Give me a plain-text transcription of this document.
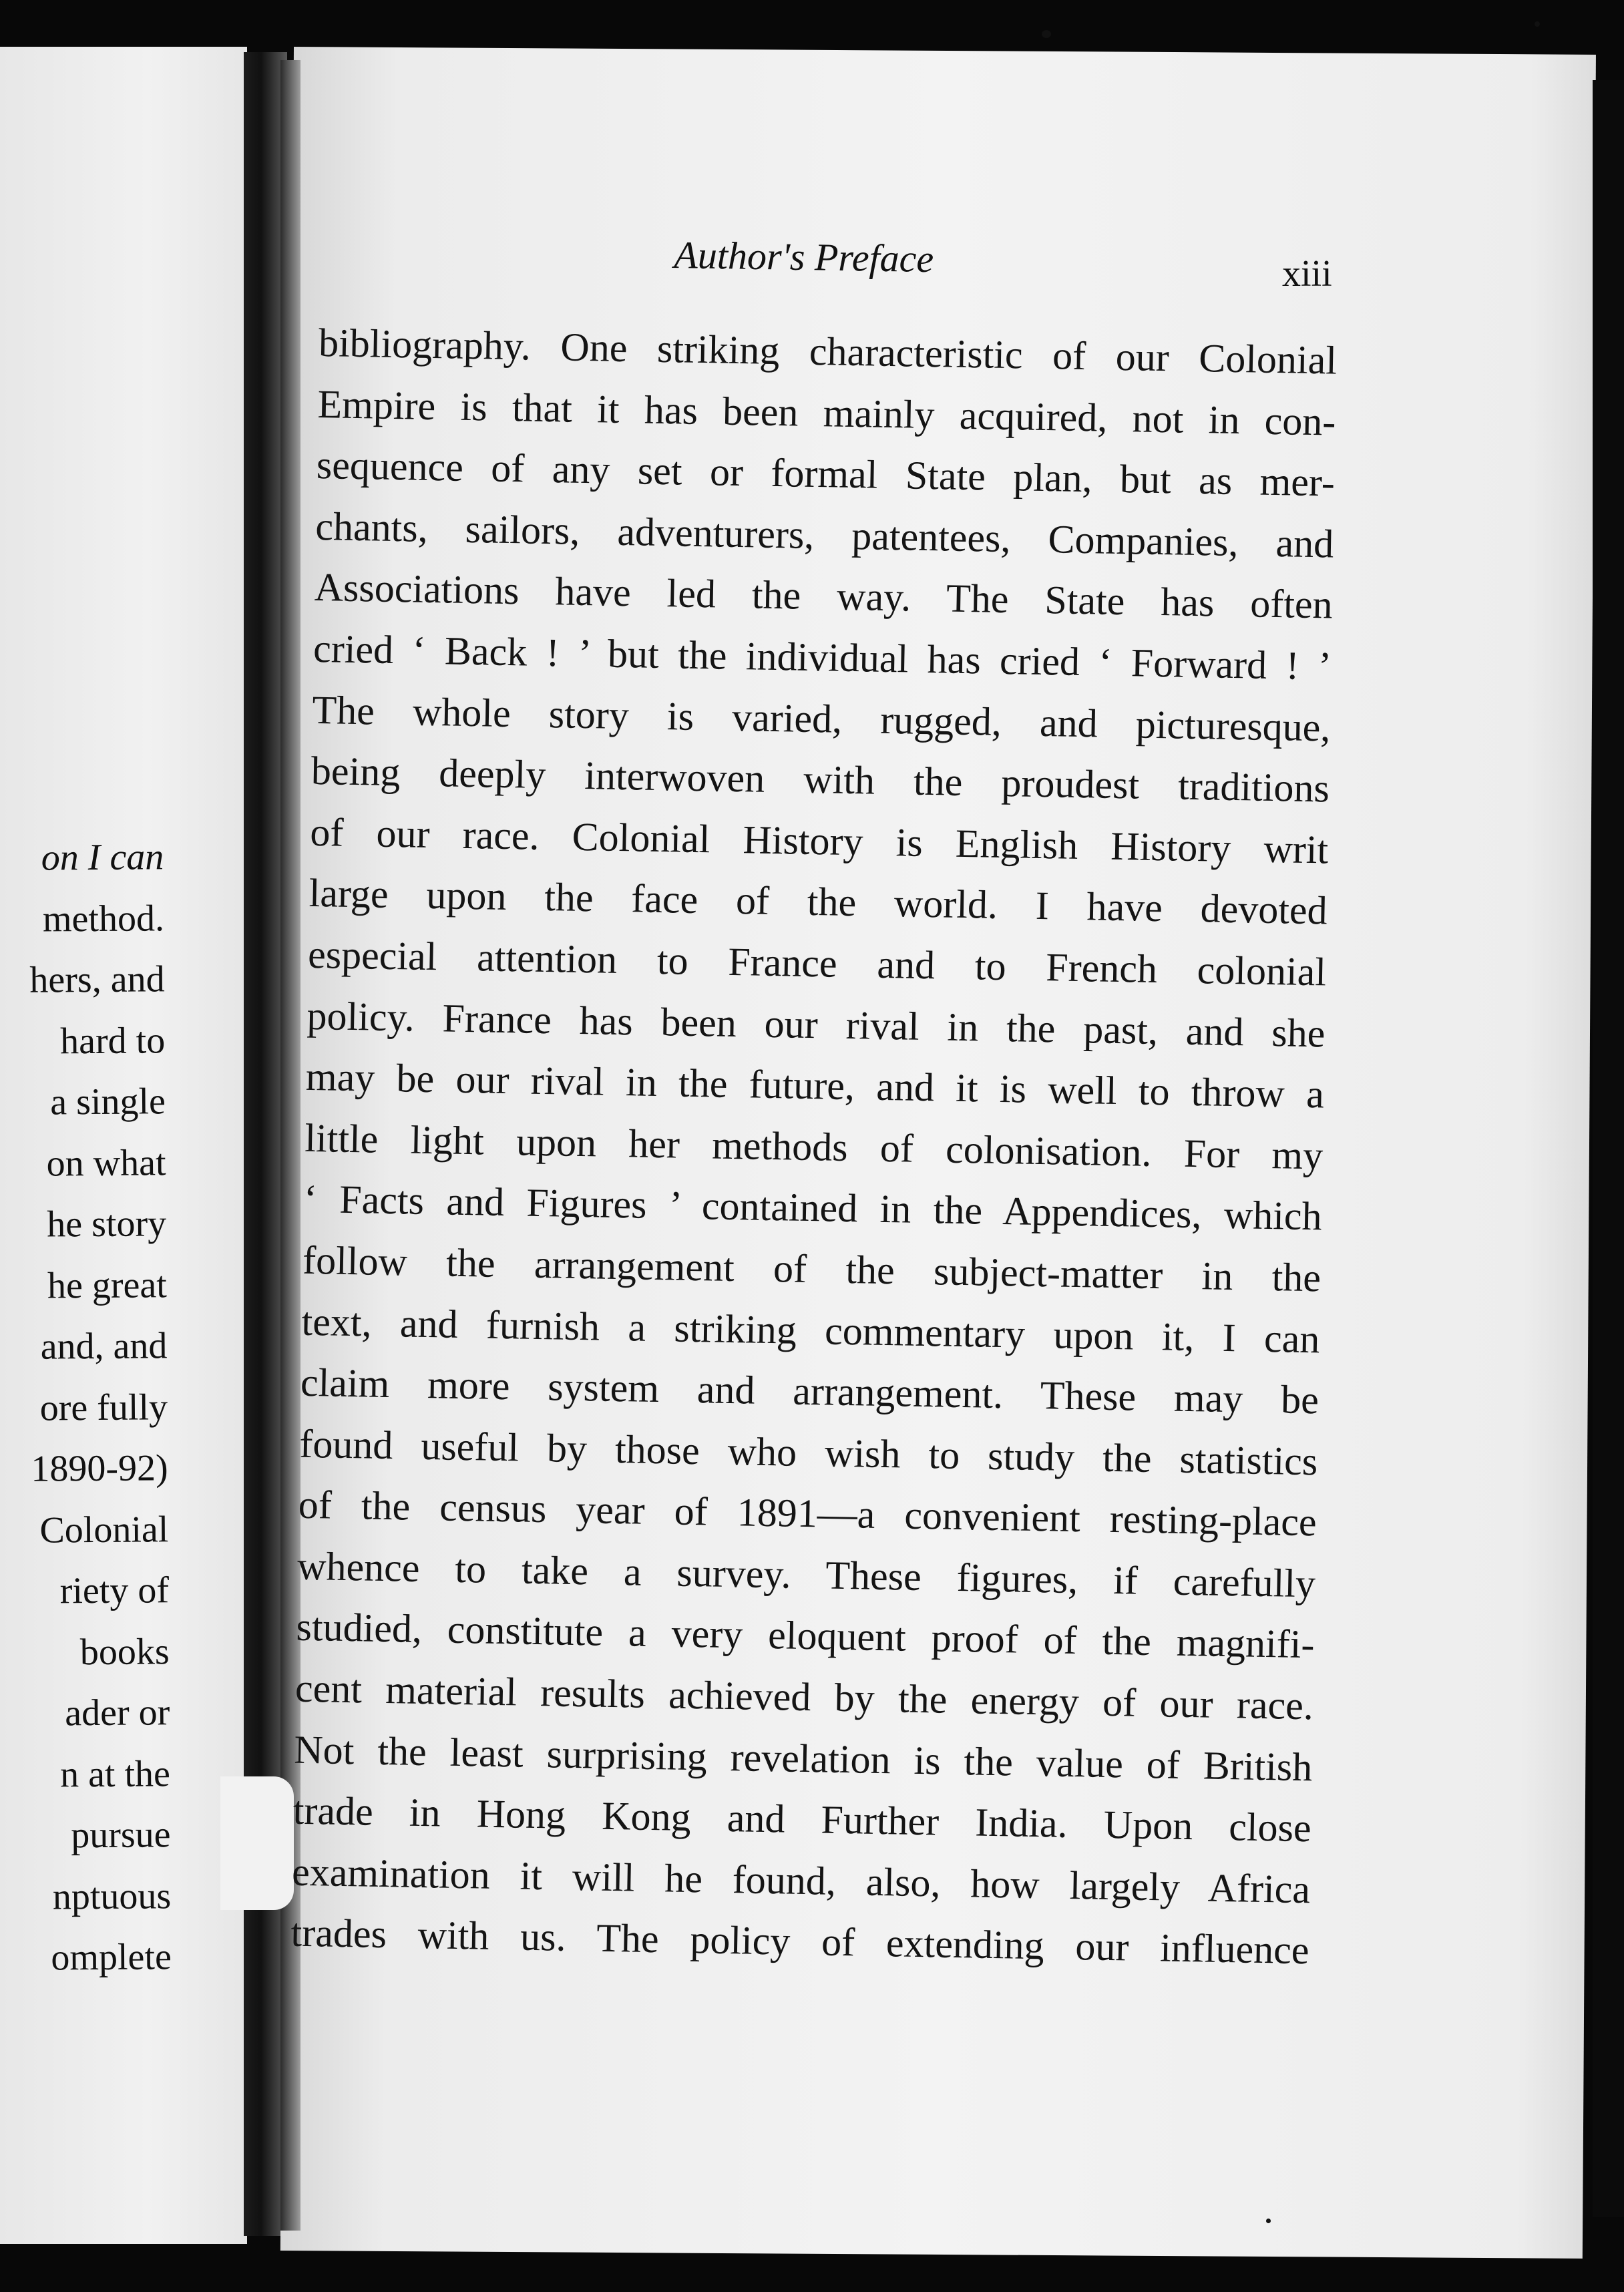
on I can
method.
hers, and
hard to
a single
on what
he story
he great
and, and
ore fully
1890-92)
Colonial
riety of
books
ader or
n at the
pursue
nptuous
omplete
Author's Preface	xiii
bibliography. One striking characteristic of our Colonial
Empire is that it has been mainly acquired, not in con-
sequence of any set or formal State plan, but as mer-
chants, sailors, adventurers, patentees, Companies, and
Associations have led the way. The State has often
cried ‘ Back ! ’ but the individual has cried ‘ Forward ! ’
The whole story is varied, rugged, and picturesque,
being deeply interwoven with the proudest traditions
of our race. Colonial History is English History writ
large upon the face of the world. I have devoted
especial attention to France and to French colonial
policy. France has been our rival in the past, and she
may be our rival in the future, and it is well to throw a
little light upon her methods of colonisation. For my
‘ Facts and Figures ’ contained in the Appendices, which
follow the arrangement of the subject-matter in the
text, and furnish a striking commentary upon it, I can
claim more system and arrangement. These may be
found useful by those who wish to study the statistics
of the census year of 1891—a convenient resting-place
whence to take a survey. These figures, if carefully
studied, constitute a very eloquent proof of the magnifi-
cent material results achieved by the energy of our race.
Not the least surprising revelation is the value of British
trade in Hong Kong and Further India. Upon close
examination it will he found, also, how largely Africa
trades with us. The policy of extending our influence
